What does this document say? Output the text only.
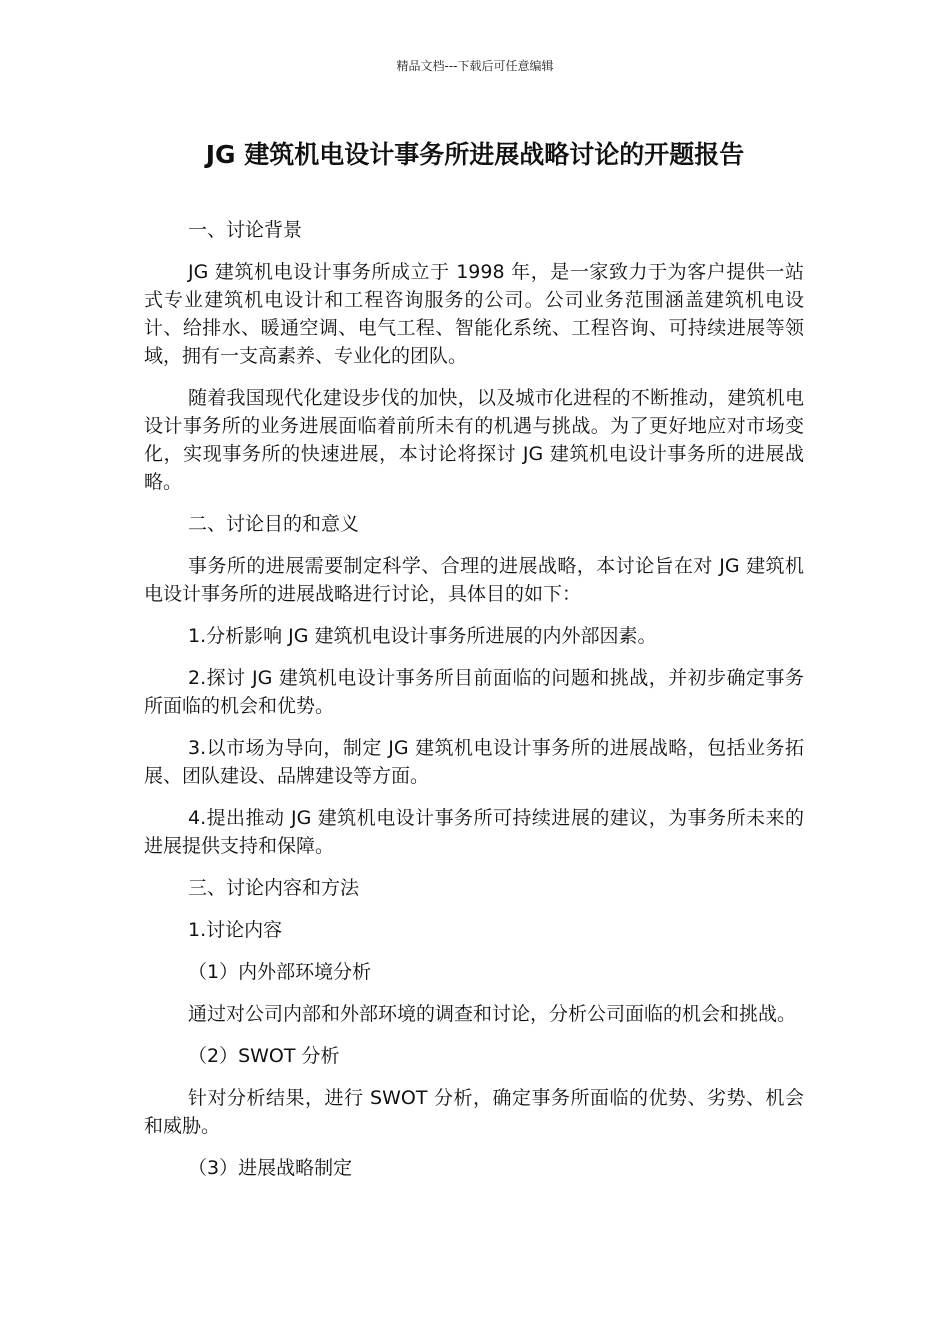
精品文档---下载后可任意编辑
JG 建筑机电设计事务所进展战略讨论的开题报告

一、讨论背景

JG 建筑机电设计事务所成立于 1998 年，是一家致力于为客户提供一站式专业建筑机电设计和工程咨询服务的公司。公司业务范围涵盖建筑机电设计、给排水、暖通空调、电气工程、智能化系统、工程咨询、可持续进展等领域，拥有一支高素养、专业化的团队。

随着我国现代化建设步伐的加快，以及城市化进程的不断推动，建筑机电设计事务所的业务进展面临着前所未有的机遇与挑战。为了更好地应对市场变化，实现事务所的快速进展，本讨论将探讨 JG 建筑机电设计事务所的进展战略。

二、讨论目的和意义

事务所的进展需要制定科学、合理的进展战略，本讨论旨在对 JG 建筑机电设计事务所的进展战略进行讨论，具体目的如下：

1.分析影响 JG 建筑机电设计事务所进展的内外部因素。

2.探讨 JG 建筑机电设计事务所目前面临的问题和挑战，并初步确定事务所面临的机会和优势。

3.以市场为导向，制定 JG 建筑机电设计事务所的进展战略，包括业务拓展、团队建设、品牌建设等方面。

4.提出推动 JG 建筑机电设计事务所可持续进展的建议，为事务所未来的进展提供支持和保障。

三、讨论内容和方法

1.讨论内容

（1）内外部环境分析

通过对公司内部和外部环境的调查和讨论，分析公司面临的机会和挑战。

（2）SWOT 分析

针对分析结果，进行 SWOT 分析，确定事务所面临的优势、劣势、机会和威胁。

（3）进展战略制定
